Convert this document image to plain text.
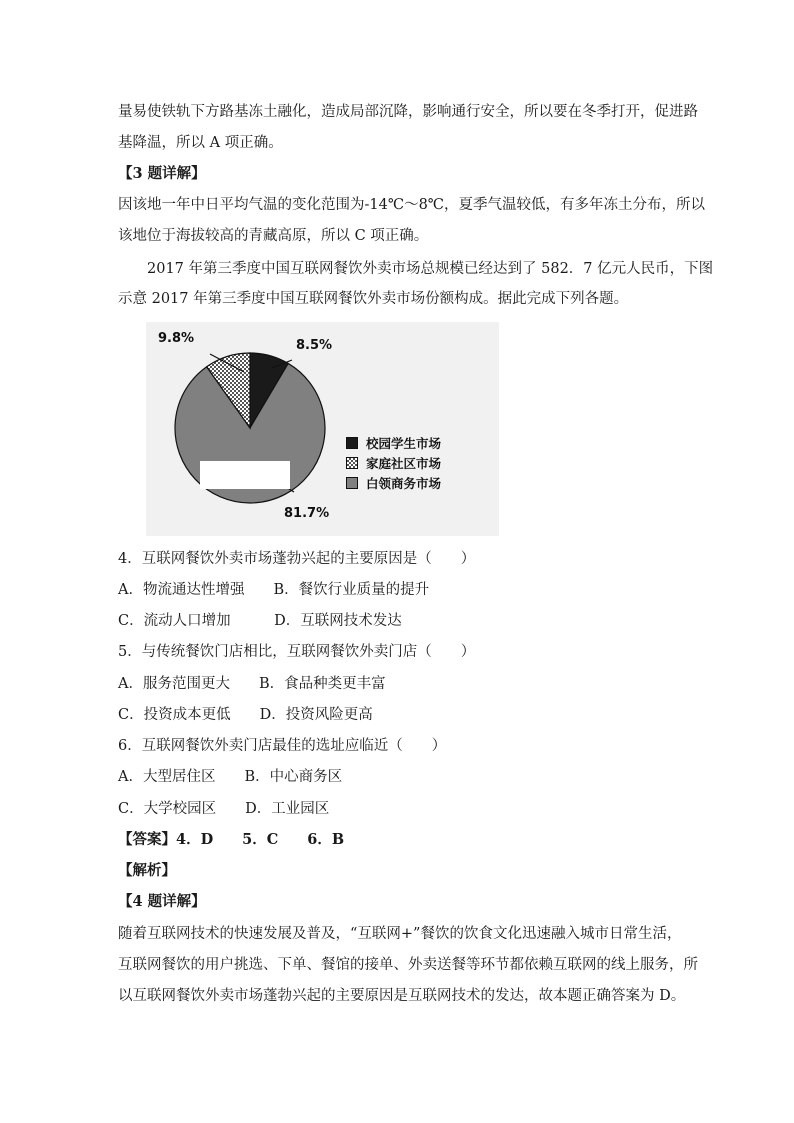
量易使铁轨下方路基冻土融化，造成局部沉降，影响通行安全，所以要在冬季打开，促进路
基降温，所以 A 项正确。
【3 题详解】
因该地一年中日平均气温的变化范围为-14℃～8℃，夏季气温较低，有多年冻土分布，所以
该地位于海拔较高的青藏高原，所以 C 项正确。
2017 年第三季度中国互联网餐饮外卖市场总规模已经达到了 582．7 亿元人民币，下图
示意 2017 年第三季度中国互联网餐饮外卖市场份额构成。据此完成下列各题。
9.8%	8.5%
81.7%
校园学生市场
家庭社区市场
白领商务市场
4．互联网餐饮外卖市场蓬勃兴起的主要原因是（　　）
A．物流通达性增强　　B．餐饮行业质量的提升
C．流动人口增加　　　D．互联网技术发达
5．与传统餐饮门店相比，互联网餐饮外卖门店（　　）
A．服务范围更大　　B．食品种类更丰富
C．投资成本更低　　D．投资风险更高
6．互联网餐饮外卖门店最佳的选址应临近（　　）
A．大型居住区　　B．中心商务区
C．大学校园区　　D．工业园区
【答案】4．D　　5．C　　6．B
【解析】
【4 题详解】
随着互联网技术的快速发展及普及，“互联网+”餐饮的饮食文化迅速融入城市日常生活，
互联网餐饮的用户挑选、下单、餐馆的接单、外卖送餐等环节都依赖互联网的线上服务，所
以互联网餐饮外卖市场蓬勃兴起的主要原因是互联网技术的发达，故本题正确答案为 D。
